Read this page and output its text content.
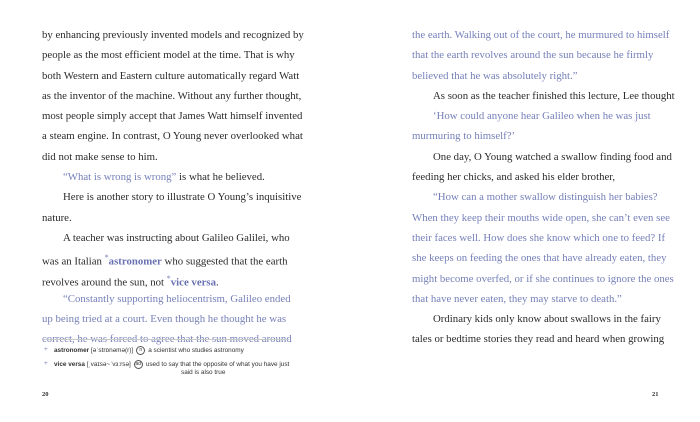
by enhancing previously invented models and recognized by
people as the most efficient model at the time. That is why
both Western and Eastern culture automatically regard Watt
as the inventor of the machine. Without any further thought,
most people simply accept that James Watt himself invented
a steam engine. In contrast, O Young never overlooked what
did not make sense to him.
“What is wrong is wrong” is what he believed.
Here is another story to illustrate O Young’s inquisitive
nature.
A teacher was instructing about Galileo Galilei, who
was an Italian *astronomer who suggested that the earth
revolves around the sun, not *vice versa.
“Constantly supporting heliocentrism, Galileo ended
up being tried at a court. Even though he thought he was
correct, he was forced to agree that the sun moved around
+ astronomer [əˈstrɒnəmə(r)] n a scientist who studies astronomy
+ vice versa [ˌvaɪsə~ˈvɜːrsə] ad used to say that the opposite of what you have just
said is also true
20
the earth. Walking out of the court, he murmured to himself
that the earth revolves around the sun because he firmly
believed that he was absolutely right.”
As soon as the teacher finished this lecture, Lee thought
‘How could anyone hear Galileo when he was just
murmuring to himself?’
One day, O Young watched a swallow finding food and
feeding her chicks, and asked his elder brother,
“How can a mother swallow distinguish her babies?
When they keep their mouths wide open, she can’t even see
their faces well. How does she know which one to feed? If
she keeps on feeding the ones that have already eaten, they
might become overfed, or if she continues to ignore the ones
that have never eaten, they may starve to death.”
Ordinary kids only know about swallows in the fairy
tales or bedtime stories they read and heard when growing
21
